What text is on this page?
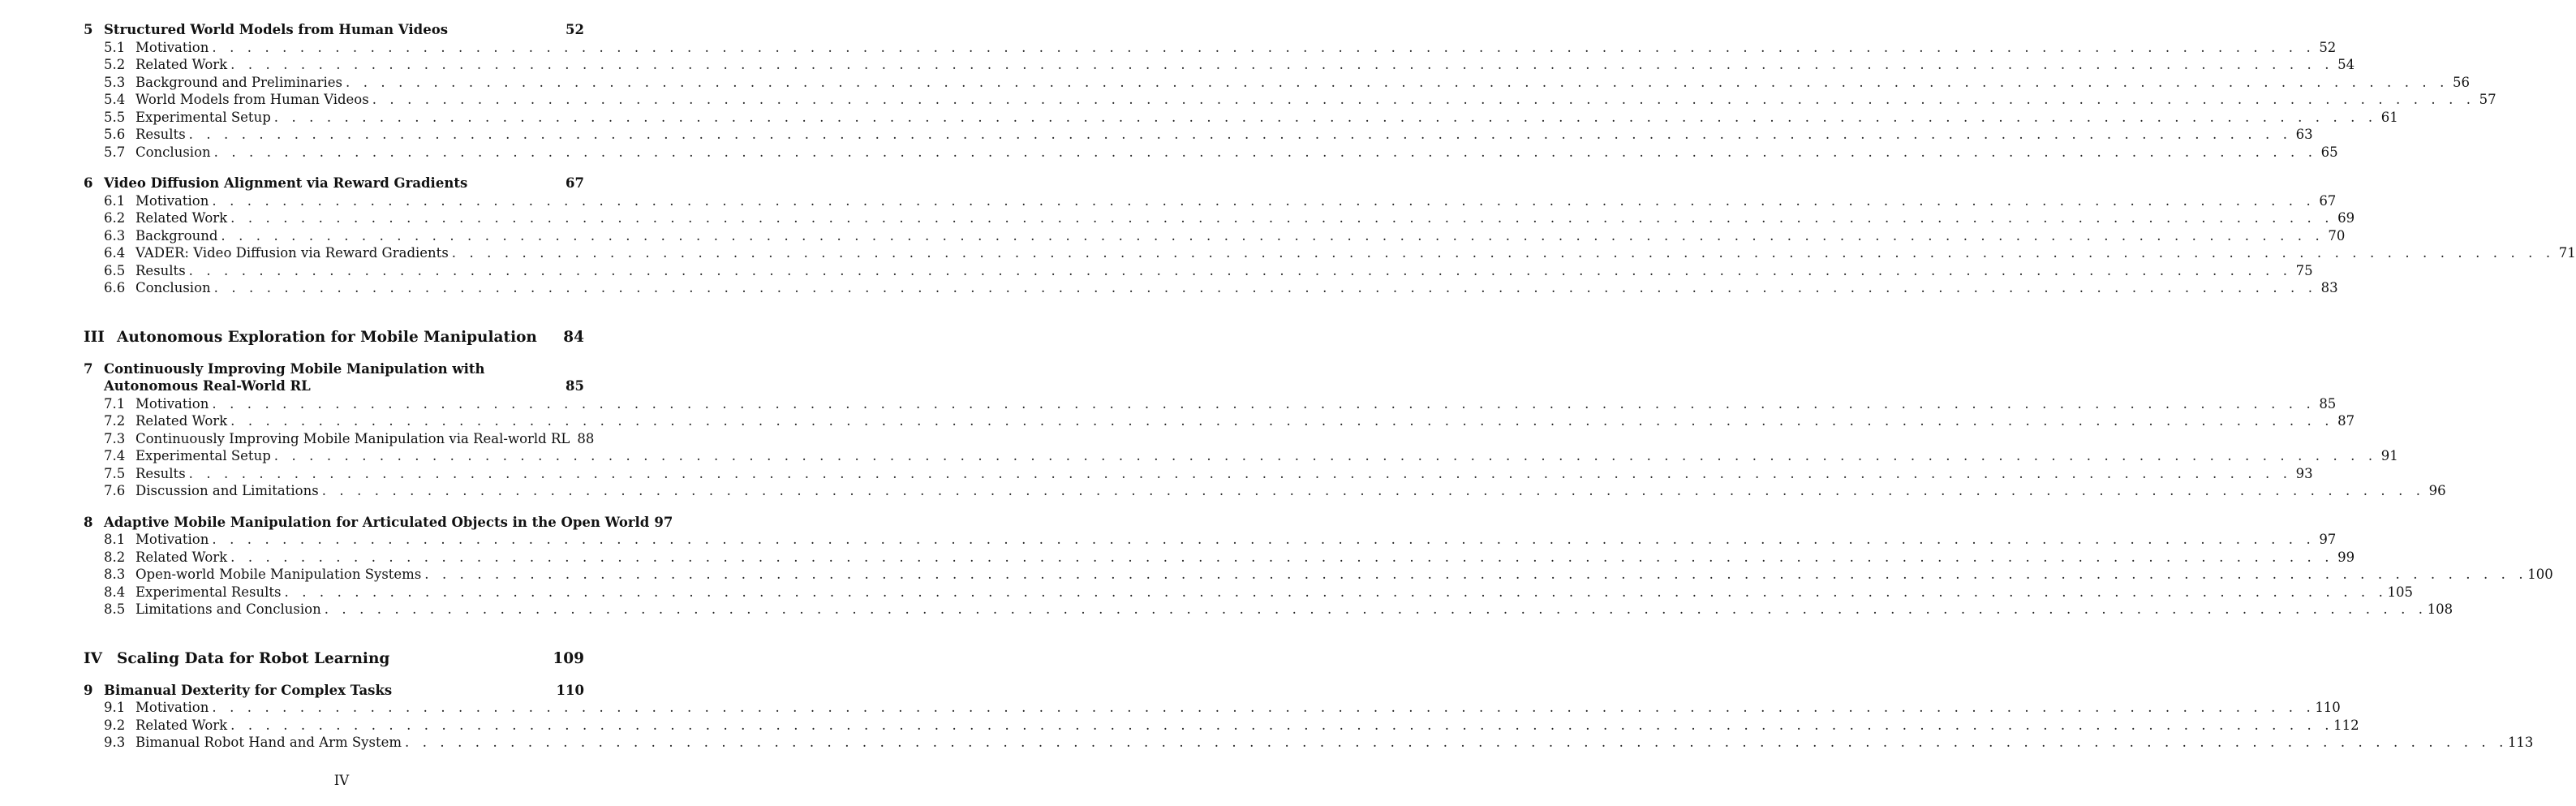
5 Structured World Models from Human Videos	52
5.1 Motivation . . . . . . . . . . . . . . . . . . . . . . . . . . . . . . . . . . . . . . . . . . . . . . . . . . . . . . . . . . . . . . . . . . . . . . . . . . . . . . . . . . . . . . . . . . . . . . . . . . . . . . . . . . . . . . . . . . . . . . . . 52
5.2 Related Work . . . . . . . . . . . . . . . . . . . . . . . . . . . . . . . . . . . . . . . . . . . . . . . . . . . . . . . . . . . . . . . . . . . . . . . . . . . . . . . . . . . . . . . . . . . . . . . . . . . . . . . . . . . . . . . . . . . . . . . . 54
5.3 Background and Preliminaries . . . . . . . . . . . . . . . . . . . . . . . . . . . . . . . . . . . . . . . . . . . . . . . . . . . . . . . . . . . . . . . . . . . . . . . . . . . . . . . . . . . . . . . . . . . . . . . . . . . . . . . . . . . . . . . . . . . . . . . . 56
5.4 World Models from Human Videos . . . . . . . . . . . . . . . . . . . . . . . . . . . . . . . . . . . . . . . . . . . . . . . . . . . . . . . . . . . . . . . . . . . . . . . . . . . . . . . . . . . . . . . . . . . . . . . . . . . . . . . . . . . . . . . . . . . . . . . . 57
5.5 Experimental Setup . . . . . . . . . . . . . . . . . . . . . . . . . . . . . . . . . . . . . . . . . . . . . . . . . . . . . . . . . . . . . . . . . . . . . . . . . . . . . . . . . . . . . . . . . . . . . . . . . . . . . . . . . . . . . . . . . . . . . . . . 61
5.6 Results . . . . . . . . . . . . . . . . . . . . . . . . . . . . . . . . . . . . . . . . . . . . . . . . . . . . . . . . . . . . . . . . . . . . . . . . . . . . . . . . . . . . . . . . . . . . . . . . . . . . . . . . . . . . . . . . . . . . . . . . 63
5.7 Conclusion . . . . . . . . . . . . . . . . . . . . . . . . . . . . . . . . . . . . . . . . . . . . . . . . . . . . . . . . . . . . . . . . . . . . . . . . . . . . . . . . . . . . . . . . . . . . . . . . . . . . . . . . . . . . . . . . . . . . . . . . 65
6 Video Diffusion Alignment via Reward Gradients	67
6.1 Motivation . . . . . . . . . . . . . . . . . . . . . . . . . . . . . . . . . . . . . . . . . . . . . . . . . . . . . . . . . . . . . . . . . . . . . . . . . . . . . . . . . . . . . . . . . . . . . . . . . . . . . . . . . . . . . . . . . . . . . . . . 67
6.2 Related Work . . . . . . . . . . . . . . . . . . . . . . . . . . . . . . . . . . . . . . . . . . . . . . . . . . . . . . . . . . . . . . . . . . . . . . . . . . . . . . . . . . . . . . . . . . . . . . . . . . . . . . . . . . . . . . . . . . . . . . . . 69
6.3 Background . . . . . . . . . . . . . . . . . . . . . . . . . . . . . . . . . . . . . . . . . . . . . . . . . . . . . . . . . . . . . . . . . . . . . . . . . . . . . . . . . . . . . . . . . . . . . . . . . . . . . . . . . . . . . . . . . . . . . . . . 70
6.4 VADER: Video Diffusion via Reward Gradients . . . . . . . . . . . . . . . . . . . . . . . . . . . . . . . . . . . . . . . . . . . . . . . . . . . . . . . . . . . . . . . . . . . . . . . . . . . . . . . . . . . . . . . . . . . . . . . . . . . . . . . . . . . . . . . . . . . . . . . . 71
6.5 Results . . . . . . . . . . . . . . . . . . . . . . . . . . . . . . . . . . . . . . . . . . . . . . . . . . . . . . . . . . . . . . . . . . . . . . . . . . . . . . . . . . . . . . . . . . . . . . . . . . . . . . . . . . . . . . . . . . . . . . . . 75
6.6 Conclusion . . . . . . . . . . . . . . . . . . . . . . . . . . . . . . . . . . . . . . . . . . . . . . . . . . . . . . . . . . . . . . . . . . . . . . . . . . . . . . . . . . . . . . . . . . . . . . . . . . . . . . . . . . . . . . . . . . . . . . . . 83
III Autonomous Exploration for Mobile Manipulation	84
7 Continuously Improving Mobile Manipulation with
Autonomous Real-World RL	85
7.1 Motivation . . . . . . . . . . . . . . . . . . . . . . . . . . . . . . . . . . . . . . . . . . . . . . . . . . . . . . . . . . . . . . . . . . . . . . . . . . . . . . . . . . . . . . . . . . . . . . . . . . . . . . . . . . . . . . . . . . . . . . . . 85
7.2 Related Work . . . . . . . . . . . . . . . . . . . . . . . . . . . . . . . . . . . . . . . . . . . . . . . . . . . . . . . . . . . . . . . . . . . . . . . . . . . . . . . . . . . . . . . . . . . . . . . . . . . . . . . . . . . . . . . . . . . . . . . . 87
7.3 Continuously Improving Mobile Manipulation via Real-world RL 88
7.4 Experimental Setup . . . . . . . . . . . . . . . . . . . . . . . . . . . . . . . . . . . . . . . . . . . . . . . . . . . . . . . . . . . . . . . . . . . . . . . . . . . . . . . . . . . . . . . . . . . . . . . . . . . . . . . . . . . . . . . . . . . . . . . . 91
7.5 Results . . . . . . . . . . . . . . . . . . . . . . . . . . . . . . . . . . . . . . . . . . . . . . . . . . . . . . . . . . . . . . . . . . . . . . . . . . . . . . . . . . . . . . . . . . . . . . . . . . . . . . . . . . . . . . . . . . . . . . . . 93
7.6 Discussion and Limitations . . . . . . . . . . . . . . . . . . . . . . . . . . . . . . . . . . . . . . . . . . . . . . . . . . . . . . . . . . . . . . . . . . . . . . . . . . . . . . . . . . . . . . . . . . . . . . . . . . . . . . . . . . . . . . . . . . . . . . . . 96
8 Adaptive Mobile Manipulation for Articulated Objects in the Open World 97
8.1 Motivation . . . . . . . . . . . . . . . . . . . . . . . . . . . . . . . . . . . . . . . . . . . . . . . . . . . . . . . . . . . . . . . . . . . . . . . . . . . . . . . . . . . . . . . . . . . . . . . . . . . . . . . . . . . . . . . . . . . . . . . . 97
8.2 Related Work . . . . . . . . . . . . . . . . . . . . . . . . . . . . . . . . . . . . . . . . . . . . . . . . . . . . . . . . . . . . . . . . . . . . . . . . . . . . . . . . . . . . . . . . . . . . . . . . . . . . . . . . . . . . . . . . . . . . . . . . 99
8.3 Open-world Mobile Manipulation Systems . . . . . . . . . . . . . . . . . . . . . . . . . . . . . . . . . . . . . . . . . . . . . . . . . . . . . . . . . . . . . . . . . . . . . . . . . . . . . . . . . . . . . . . . . . . . . . . . . . . . . . . . . . . . . . . . . . . . . . . . 100
8.4 Experimental Results . . . . . . . . . . . . . . . . . . . . . . . . . . . . . . . . . . . . . . . . . . . . . . . . . . . . . . . . . . . . . . . . . . . . . . . . . . . . . . . . . . . . . . . . . . . . . . . . . . . . . . . . . . . . . . . . . . . . . . . . 105
8.5 Limitations and Conclusion . . . . . . . . . . . . . . . . . . . . . . . . . . . . . . . . . . . . . . . . . . . . . . . . . . . . . . . . . . . . . . . . . . . . . . . . . . . . . . . . . . . . . . . . . . . . . . . . . . . . . . . . . . . . . . . . . . . . . . . . 108
IV Scaling Data for Robot Learning	109
9 Bimanual Dexterity for Complex Tasks	110
9.1 Motivation . . . . . . . . . . . . . . . . . . . . . . . . . . . . . . . . . . . . . . . . . . . . . . . . . . . . . . . . . . . . . . . . . . . . . . . . . . . . . . . . . . . . . . . . . . . . . . . . . . . . . . . . . . . . . . . . . . . . . . . . 110
9.2 Related Work . . . . . . . . . . . . . . . . . . . . . . . . . . . . . . . . . . . . . . . . . . . . . . . . . . . . . . . . . . . . . . . . . . . . . . . . . . . . . . . . . . . . . . . . . . . . . . . . . . . . . . . . . . . . . . . . . . . . . . . . 112
9.3 Bimanual Robot Hand and Arm System . . . . . . . . . . . . . . . . . . . . . . . . . . . . . . . . . . . . . . . . . . . . . . . . . . . . . . . . . . . . . . . . . . . . . . . . . . . . . . . . . . . . . . . . . . . . . . . . . . . . . . . . . . . . . . . . . . . . . . . . 113
IV
